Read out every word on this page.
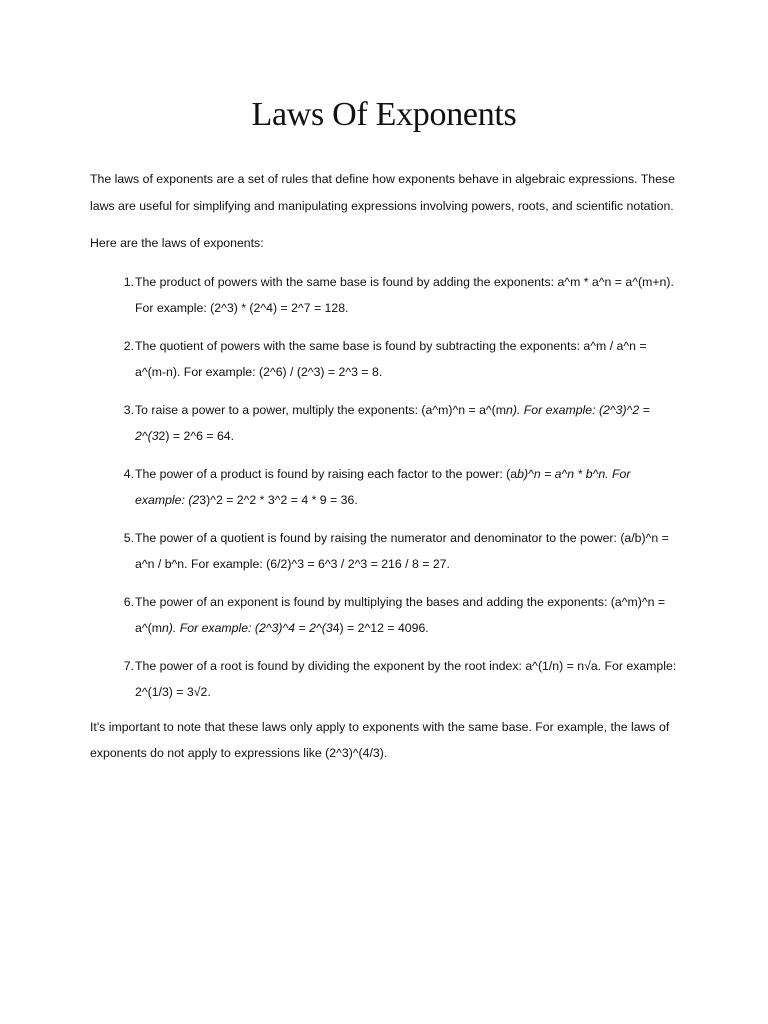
Laws Of Exponents

The laws of exponents are a set of rules that define how exponents behave in algebraic expressions. These laws are useful for simplifying and manipulating expressions involving powers, roots, and scientific notation.

Here are the laws of exponents:

1. The product of powers with the same base is found by adding the exponents: a^m * a^n = a^(m+n). For example: (2^3) * (2^4) = 2^7 = 128.
2. The quotient of powers with the same base is found by subtracting the exponents: a^m / a^n = a^(m-n). For example: (2^6) / (2^3) = 2^3 = 8.
3. To raise a power to a power, multiply the exponents: (a^m)^n = a^(mn). For example: (2^3)^2 = 2^(32) = 2^6 = 64.
4. The power of a product is found by raising each factor to the power: (ab)^n = a^n * b^n. For example: (23)^2 = 2^2 * 3^2 = 4 * 9 = 36.
5. The power of a quotient is found by raising the numerator and denominator to the power: (a/b)^n = a^n / b^n. For example: (6/2)^3 = 6^3 / 2^3 = 216 / 8 = 27.
6. The power of an exponent is found by multiplying the bases and adding the exponents: (a^m)^n = a^(mn). For example: (2^3)^4 = 2^(34) = 2^12 = 4096.
7. The power of a root is found by dividing the exponent by the root index: a^(1/n) = n√a. For example: 2^(1/3) = 3√2.

It's important to note that these laws only apply to exponents with the same base. For example, the laws of exponents do not apply to expressions like (2^3)^(4/3).
